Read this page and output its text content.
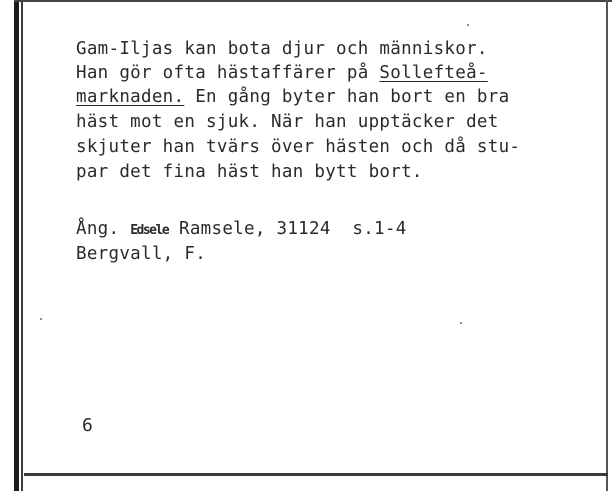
Gam-Iljas kan bota djur och människor.
Han gör ofta hästaffärer på Sollefteå-
marknaden. En gång byter han bort en bra
häst mot en sjuk. När han upptäcker det
skjuter han tvärs över hästen och då stu-
par det fina häst han bytt bort.
Ång. Edsele Ramsele, 31124  s.1-4
Bergvall, F.
6
